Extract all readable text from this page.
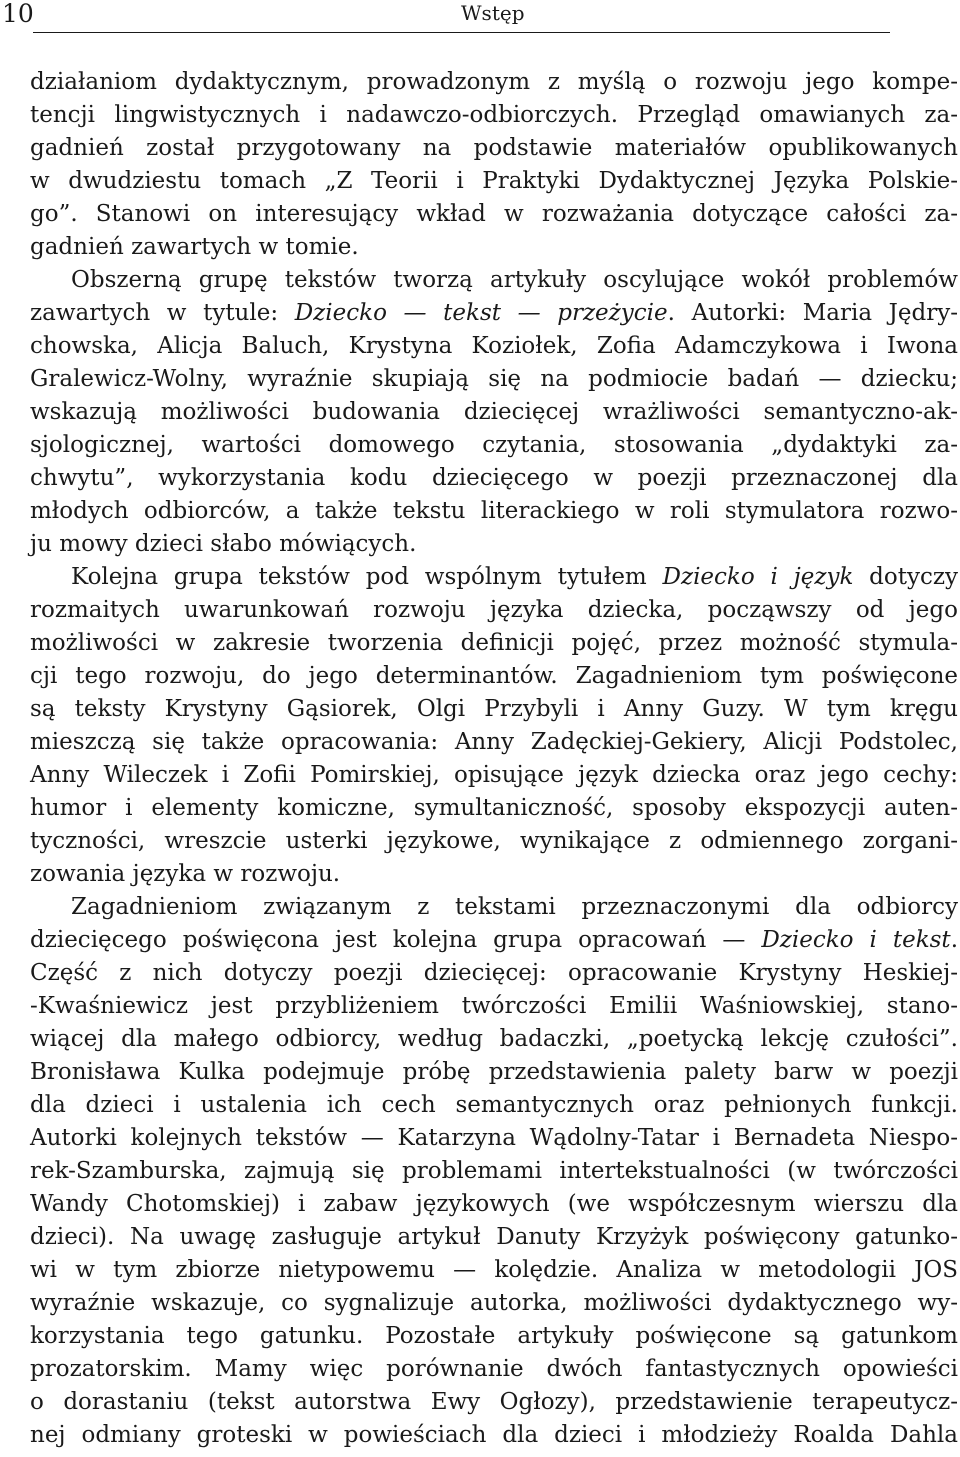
10	Wstęp
działaniom dydaktycznym, prowadzonym z myślą o rozwoju jego kompe-
tencji lingwistycznych i nadawczo-odbiorczych. Przegląd omawianych za-
gadnień został przygotowany na podstawie materiałów opublikowanych
w dwudziestu tomach „Z Teorii i Praktyki Dydaktycznej Języka Polskie-
go”. Stanowi on interesujący wkład w rozważania dotyczące całości za-
gadnień zawartych w tomie.
Obszerną grupę tekstów tworzą artykuły oscylujące wokół problemów
zawartych w tytule: Dziecko — tekst — przeżycie. Autorki: Maria Jędry-
chowska, Alicja Baluch, Krystyna Koziołek, Zofia Adamczykowa i Iwona
Gralewicz-Wolny, wyraźnie skupiają się na podmiocie badań — dziecku;
wskazują możliwości budowania dziecięcej wrażliwości semantyczno-ak-
sjologicznej, wartości domowego czytania, stosowania „dydaktyki za-
chwytu”, wykorzystania kodu dziecięcego w poezji przeznaczonej dla
młodych odbiorców, a także tekstu literackiego w roli stymulatora rozwo-
ju mowy dzieci słabo mówiących.
Kolejna grupa tekstów pod wspólnym tytułem Dziecko i język dotyczy
rozmaitych uwarunkowań rozwoju języka dziecka, począwszy od jego
możliwości w zakresie tworzenia definicji pojęć, przez możność stymula-
cji tego rozwoju, do jego determinantów. Zagadnieniom tym poświęcone
są teksty Krystyny Gąsiorek, Olgi Przybyli i Anny Guzy. W tym kręgu
mieszczą się także opracowania: Anny Zadęckiej-Gekiery, Alicji Podstolec,
Anny Wileczek i Zofii Pomirskiej, opisujące język dziecka oraz jego cechy:
humor i elementy komiczne, symultaniczność, sposoby ekspozycji auten-
tyczności, wreszcie usterki językowe, wynikające z odmiennego zorgani-
zowania języka w rozwoju.
Zagadnieniom związanym z tekstami przeznaczonymi dla odbiorcy
dziecięcego poświęcona jest kolejna grupa opracowań — Dziecko i tekst.
Część z nich dotyczy poezji dziecięcej: opracowanie Krystyny Heskiej-
-Kwaśniewicz jest przybliżeniem twórczości Emilii Waśniowskiej, stano-
wiącej dla małego odbiorcy, według badaczki, „poetycką lekcję czułości”.
Bronisława Kulka podejmuje próbę przedstawienia palety barw w poezji
dla dzieci i ustalenia ich cech semantycznych oraz pełnionych funkcji.
Autorki kolejnych tekstów — Katarzyna Wądolny-Tatar i Bernadeta Niespo-
rek-Szamburska, zajmują się problemami intertekstualności (w twórczości
Wandy Chotomskiej) i zabaw językowych (we współczesnym wierszu dla
dzieci). Na uwagę zasługuje artykuł Danuty Krzyżyk poświęcony gatunko-
wi w tym zbiorze nietypowemu — kolędzie. Analiza w metodologii JOS
wyraźnie wskazuje, co sygnalizuje autorka, możliwości dydaktycznego wy-
korzystania tego gatunku. Pozostałe artykuły poświęcone są gatunkom
prozatorskim. Mamy więc porównanie dwóch fantastycznych opowieści
o dorastaniu (tekst autorstwa Ewy Ogłozy), przedstawienie terapeutycz-
nej odmiany groteski w powieściach dla dzieci i młodzieży Roalda Dahla
